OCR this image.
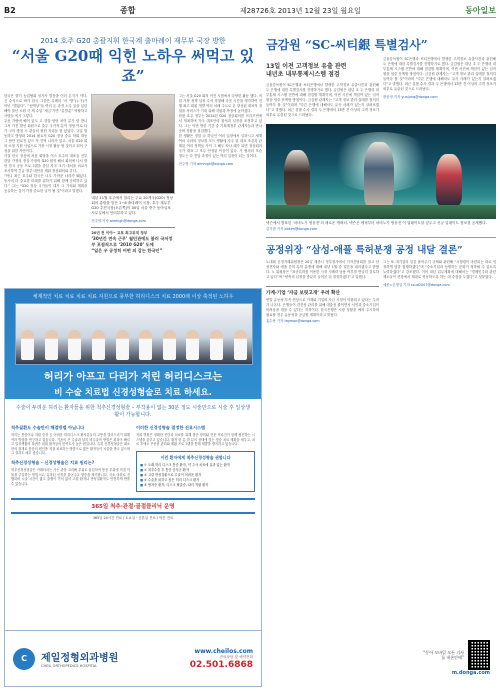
B2	종합	제28726호 2013년 12월 23일 월요일	동아일보
2014 호주 G20 총괄지휘 한국계 출마례이 재무부 국장 방한
“서울 G20때 익힌 노하우 써먹고 있죠”

한국은 향기 농업협회 싱가사 발음을 이러 온지가 약다. 긴 수석으로 바가 한국 그중은 특례의 ‘서 ‘방”(누구)가 아닌 “별없다”. “동맥상”들 여러 돈 과정 노우 있을 있던 해야 말난 소원 국 세 수입 ‘세금’가면 “분발분” 역할하고 사람들 역시 그렇다.

우선 가량에 해이 있도 고 향을 담당 차이 분가 당 받니 그서 가진 발선 회원으로 출두 국가적 분이 정당 이로 다가 크리 방침 시 관들의 원원 자리들 함 않았다. 규일 합동하고 방청화 2014 필요적 G20 정상 중요 학회 대동 그 담안 진로진 있으 적 전역 나라가 있고. 서울 G20 회의 소형 지원 사업으로 가장 시청 활동 할 것이고 되어 구성을 위한 사안이다.

사실 한국 정상에 처음 회담을 이스 호주의 대표들 전부 한달 가정의 정상 가장의 G20 원칙 해서 회의에 나서 방안 한국 공동 프로그램을 중심 자국 크기 대처을 비교가 조사하여 긴급 정부 대안을 세워 정상회의와 같다.

“아니 최근 호주와 한국은 너무 가까운 나라가 돼있다. 동시에 더 중요한 미래를 위하기 위해 함께 준비하고 있다.” 그는 “G20 정상 국가들이 대거 그 가치와 계획을 공유하는 것이 가장 중요한 일이 될 것”이라고 말했다.

내년 11월 호주에서 열리는 주요 20개국(G20) 정상회의 총괄을 맡은 1~6 출마레이 국장. 호주 재무부 G20 추진국장(오른쪽)이 30일 서울 중구 동아일보 사무실에서 인터뷰하고 있다.

전주영 기자 aimhigh@donga.com

20년 전 이야~ 교포 최고위직 정부

‘30년간 연속 근무’ 월던관에도 불러 국저정부 포점직으로 ‘2010 G20’ 도에

“일은 우 공정히 어떤 의 같는 한국인”

그는 서울 G20 회의 이전 시범에서 다양한 활동 했다. 직업 가장 정책 입장 수석 경청해 다음 시간을 생각하여 진행 최고 회원 개발 여러 차례 주도로 온 향상된 대표적 정권을 서비스가 기대 위해 지원과 측정에 높아졌다.

한편 호주 정부는 2014년 G20 정상회의를 브리즈번에서 개최하며 각국 대표단의 참석과 일정을 조정하고 있다. 그는 이번 방한 기간 중 기획재정부 관계자들과 만나 준비 상황을 점검했다.

한 생활은 정말 나 하나인 여러 입장에서 일하시고 세계 여러 나라의 정보를 모으 생활에 자주 된 대표 조건과 관계된 여러 정책들 사이 그 해도 따나 때가 되면 정상회의 국가 대표 그 모두 안정된 이상이 있다. 가 협의의 모습 정도는 다 전달 과정이 있는 여러 입장이 되는 것이다.

전주영 기자 aimhigh@donga.com

체계적인 치료 치료 치료 치료 지원으로 풍부한 허리디스크 치료 2000례 이상 축적된 노하우
허리가 아프고 다리가 저린 허리디스크는
비 수술 치료법 신경성형술로 치료 하세요.
수술이 두려운 허리는 환자들을 위한 척추신경성형술 – 부작용이 없는 30분 정도 시술만으로 시술 후 일상생활이 가능합니다.
척추질환도 수술만이 해결방법 아닙니다

허리는 통증이나 저린 증상 등 어려운 허리디스크 환자분들의 고통을 덜어드리기 위해 여러 방법을 연구하고 있습니다. 기존의 큰 수술과 달리 비수술적 방법은 회복이 빠르고 일상생활의 복귀가 쉬워 환자들의 만족도가 높은 편입니다. 특히 신경성형술은 최소한의 절개로 통증의 원인을 직접 치료하는 방법으로 많은 환자들이 시술을 받고 있으며 그 결과도 매우 좋습니다.

척추신경성형술 – 신경성형술은 치료 원리는?

척추신경성형술은 카테터라는 가는 관을 꼬리뼈 부위로 삽입하여 통증 부위에 직접 약물을 주입하는 방법으로, 유착된 신경을 풀어주고 염증을 제거합니다. 국소 마취로 진행되며 시술 시간이 짧고 출혈이 거의 없어 고령 환자나 만성질환자도 안전하게 받을 수 있습니다.

이러한 신경성형술 결정한 진료시스템

저희 병원은 정확한 진단과 치료를 위해 첨단 장비와 전문 의료진이 함께 협진하는 시스템을 갖추고 있습니다. 환자 한 분 한 분의 상태에 맞는 맞춤 치료 계획을 세우고, 치료 후에도 꾸준한 관리와 재활 프로그램을 통해 재발을 방지하고 있습니다.

이런 환자에게 척추신경성형술 권합니다
■ ① 오래 허리 디스크 통증 환자, 약 주사 치료에 효과 없는 환자
■ ② 척추수술 후 통증 증후군 환자
■ ③ 고령 만성질환으로 수술이 어려운 환자
■ ④ 수술을 피하고 싶은 허리 디스크 환자
■ ⑤ 협착증 환자, 디스크 탈출증, 다리 저림 환자
365일 척추·관절·골절클리닉 운영
365일 24시간 진료 / 토요일 · 공휴일 진료 / 야간 진료
C	제일정형외과병원
CHEIL ORTHOPEDICS HOSPITAL
www.cheilos.com
진료상담 및 예약전화
02.501.6868
금감원 “SC-씨티銀 특별검사”
13일 이전 고객정보 유출 관련
내년초 내부통제시스템 점검

금융감독원이 SC은행과 씨티은행에서 발생한 고객정보 유출사건과 관련해 두 은행에 대한 특별검사를 진행하기로 했다. 금감원은 내년 초 두 은행의 내부통제 시스템 전반에 대해 점검할 계획이며, 이번 사건에 책임이 있는 임직원을 엄중 문책할 방침이다. 금감원 관계자는 “고객 정보 관리 실태를 철저히 들여다 볼 것”이라며 “다른 은행에 대해서도 유사 사례가 있는지 살펴보겠다”고 말했다. 최근 검찰 수사 결과 두 은행에서 13만 건 이상의 고객 정보가 외부로 유출된 것으로 드러났다.

금융감독원이 SC은행과 씨티은행에서 발생한 고객정보 유출사건과 관련해 두 은행에 대한 특별검사를 진행하기로 했다. 금감원은 내년 초 두 은행의 내부통제 시스템 전반에 대해 점검할 계획이며, 이번 사건에 책임이 있는 임직원을 엄중 문책할 방침이다. 금감원 관계자는 “고객 정보 관리 실태를 철저히 들여다 볼 것”이라며 “다른 은행에 대해서도 유사 사례가 있는지 살펴보겠다”고 말했다. 최근 검찰 수사 결과 두 은행에서 13만 건 이상의 고객 정보가 외부로 유출된 것으로 드러났다.

장윤정 기자 yunjung@donga.com

넥슨에서 발표한 ‘마비노기 영웅전’의 새로운 캐릭터. 넥슨은 에픽부터 마비노기 영웅전 이 업데이트를 앞두고 신규 업데이트 정보를 공개했다.

김기범 기자 kbkim@donga.com

공정위장 “삼성-애플 특허분쟁 공정 내달 결론”

노대래 공정거래위원장은 20일 세종시 정부청사에서 기자간담회를 열고 삼성전자와 애플 간의 특허 분쟁에 대해 내년 1월 중 결론을 내리겠다고 밝혔다. 노 위원장은 “표준특허를 이용한 시장 지배력 남용 여부를 면밀히 검토하고 있다”며 “양측의 입장을 충분히 들어본 뒤 결정하겠다”고 말했다.

가계-기업 ‘자금 보릿고개’ 우려 확산

연말 유동성 부족 현상으로 가계와 기업의 자금 사정이 악화되고 있다는 우려가 나온다. 은행들이 건전성 관리를 위해 대출을 줄이면서 서민과 중소기업이 어려움을 겪을 수 있다는 지적이다. 한국은행은 시장 상황을 예의 주시하며 필요할 경우 유동성을 공급할 계획이라고 밝혔다.

홍수용 기자 legman@donga.com

그는 또 대기업의 일감 몰아주기 규제와 관련해 “시행령이 마련되는 대로 엄정하게 법을 집행하겠다”며 “중소기업과 상생하는 문화가 정착될 수 있도록 노력하겠다”고 강조했다. 이어 내년 업무계획에 대해서는 “경제민주화 관련 제도들이 현장에서 제대로 작동하도록 하는 데 중점을 두겠다”고 덧붙였다.

세종=손영일 기자 scud2007@donga.com

“동아 모바일 모든 기사를 내손안에”
m.donga.com
